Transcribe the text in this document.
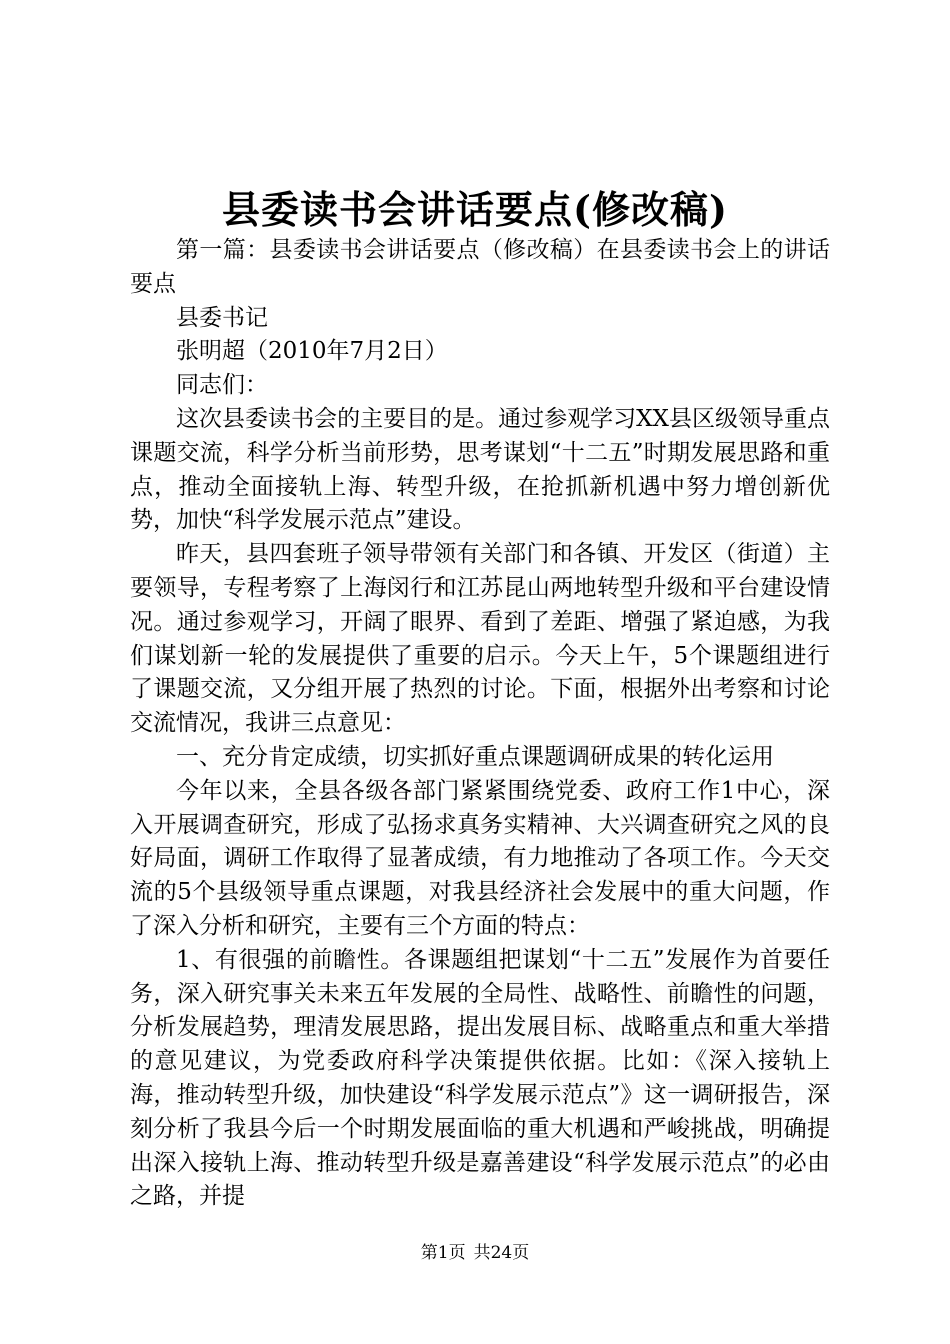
县委读书会讲话要点(修改稿)

第一篇：县委读书会讲话要点（修改稿）在县委读书会上的讲话要点

县委书记

张明超（2010年7月2日）

同志们：

这次县委读书会的主要目的是。通过参观学习XX县区级领导重点课题交流，科学分析当前形势，思考谋划“十二五”时期发展思路和重点，推动全面接轨上海、转型升级，在抢抓新机遇中努力增创新优势，加快“科学发展示范点”建设。

昨天，县四套班子领导带领有关部门和各镇、开发区（街道）主要领导，专程考察了上海闵行和江苏昆山两地转型升级和平台建设情况。通过参观学习，开阔了眼界、看到了差距、增强了紧迫感，为我们谋划新一轮的发展提供了重要的启示。今天上午，5个课题组进行了课题交流，又分组开展了热烈的讨论。下面，根据外出考察和讨论交流情况，我讲三点意见：

一、充分肯定成绩，切实抓好重点课题调研成果的转化运用

今年以来，全县各级各部门紧紧围绕党委、政府工作1中心，深入开展调查研究，形成了弘扬求真务实精神、大兴调查研究之风的良好局面，调研工作取得了显著成绩，有力地推动了各项工作。今天交流的5个县级领导重点课题，对我县经济社会发展中的重大问题，作了深入分析和研究，主要有三个方面的特点：

1、有很强的前瞻性。各课题组把谋划“十二五”发展作为首要任务，深入研究事关未来五年发展的全局性、战略性、前瞻性的问题，分析发展趋势，理清发展思路，提出发展目标、战略重点和重大举措的意见建议，为党委政府科学决策提供依据。比如：《深入接轨上海，推动转型升级，加快建设“科学发展示范点”》这一调研报告，深刻分析了我县今后一个时期发展面临的重大机遇和严峻挑战，明确提出深入接轨上海、推动转型升级是嘉善建设“科学发展示范点”的必由之路，并提

第1页 共24页
